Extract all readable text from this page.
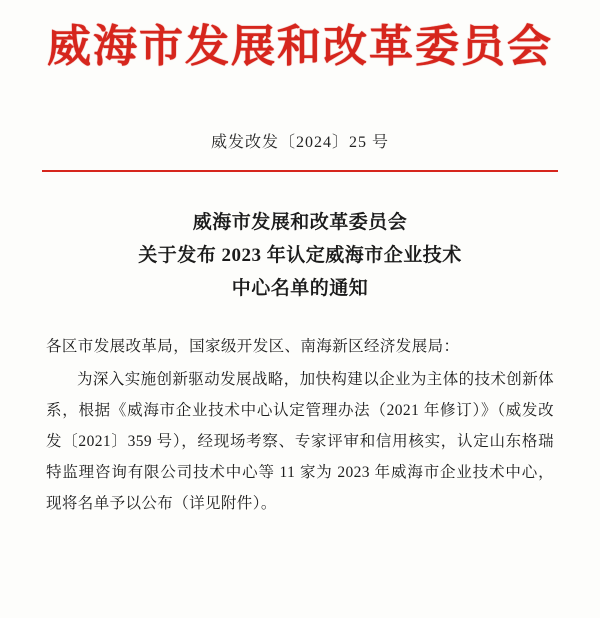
威海市发展和改革委员会
威发改发〔2024〕25 号
威海市发展和改革委员会
关于发布 2023 年认定威海市企业技术
中心名单的通知
各区市发展改革局，国家级开发区、南海新区经济发展局：
为深入实施创新驱动发展战略，加快构建以企业为主体的技术创新体系，根据《威海市企业技术中心认定管理办法（2021 年修订）》（威发改发〔2021〕359 号），经现场考察、专家评审和信用核实，认定山东格瑞特监理咨询有限公司技术中心等 11 家为 2023 年威海市企业技术中心，现将名单予以公布（详见附件）。
